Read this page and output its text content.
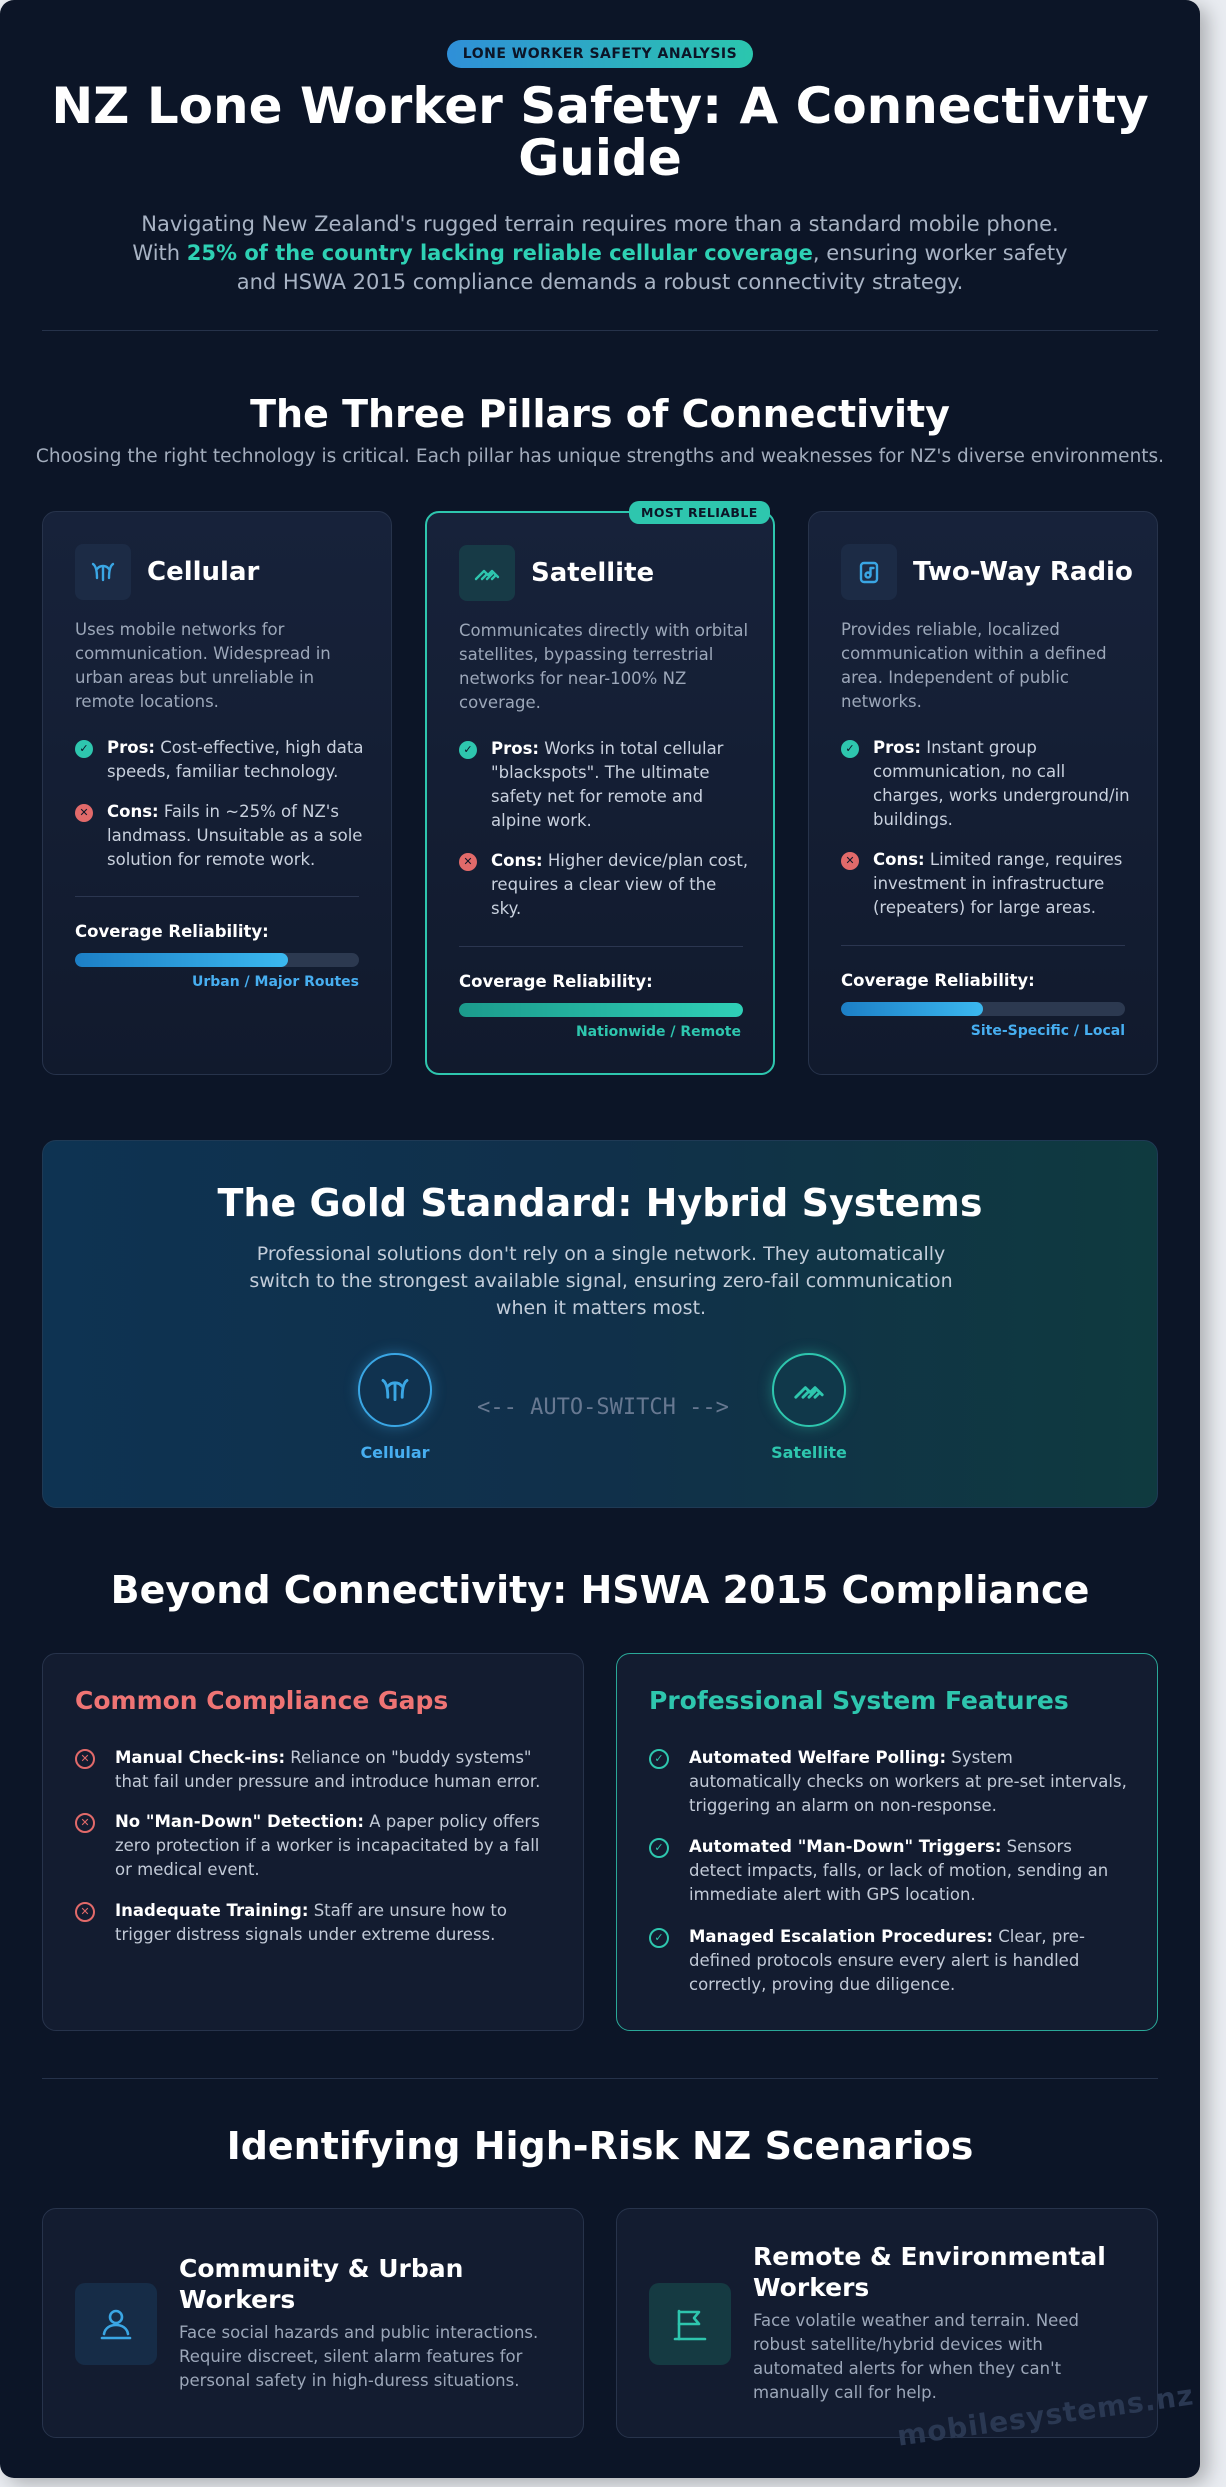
LONE WORKER SAFETY ANALYSIS
NZ Lone Worker Safety: A Connectivity Guide

Navigating New Zealand's rugged terrain requires more than a standard mobile phone. With 25% of the country lacking reliable cellular coverage, ensuring worker safety and HSWA 2015 compliance demands a robust connectivity strategy.

The Three Pillars of Connectivity
Choosing the right technology is critical. Each pillar has unique strengths and weaknesses for NZ's diverse environments.
Cellular
Uses mobile networks for communication. Widespread in urban areas but unreliable in remote locations.
✓ Pros: Cost-effective, high data speeds, familiar technology.
✕ Cons: Fails in ~25% of NZ's landmass. Unsuitable as a sole solution for remote work.
Coverage Reliability:
Urban / Major Routes
MOST RELIABLE
Satellite
Communicates directly with orbital satellites, bypassing terrestrial networks for near-100% NZ coverage.
✓ Pros: Works in total cellular "blackspots". The ultimate safety net for remote and alpine work.
✕ Cons: Higher device/plan cost, requires a clear view of the sky.
Coverage Reliability:
Nationwide / Remote
Two-Way Radio
Provides reliable, localized communication within a defined area. Independent of public networks.
✓ Pros: Instant group communication, no call charges, works underground/in buildings.
✕ Cons: Limited range, requires investment in infrastructure (repeaters) for large areas.
Coverage Reliability:
Site-Specific / Local
The Gold Standard: Hybrid Systems

Professional solutions don't rely on a single network. They automatically switch to the strongest available signal, ensuring zero-fail communication when it matters most.

Cellular
<-- AUTO-SWITCH -->
Satellite
Beyond Connectivity: HSWA 2015 Compliance
Common Compliance Gaps
✕	Manual Check-ins: Reliance on "buddy systems" that fail under pressure and introduce human error.
✕	No "Man-Down" Detection: A paper policy offers zero protection if a worker is incapacitated by a fall or medical event.
✕	Inadequate Training: Staff are unsure how to trigger distress signals under extreme duress.
Professional System Features
✓	Automated Welfare Polling: System automatically checks on workers at pre-set intervals, triggering an alarm on non-response.
✓	Automated "Man-Down" Triggers: Sensors detect impacts, falls, or lack of motion, sending an immediate alert with GPS location.
✓	Managed Escalation Procedures: Clear, pre-defined protocols ensure every alert is handled correctly, proving due diligence.
Identifying High-Risk NZ Scenarios
Community & Urban Workers
Face social hazards and public interactions. Require discreet, silent alarm features for personal safety in high-duress situations.
Remote & Environmental Workers
Face volatile weather and terrain. Need robust satellite/hybrid devices with automated alerts for when they can't manually call for help.
mobilesystems.nz
